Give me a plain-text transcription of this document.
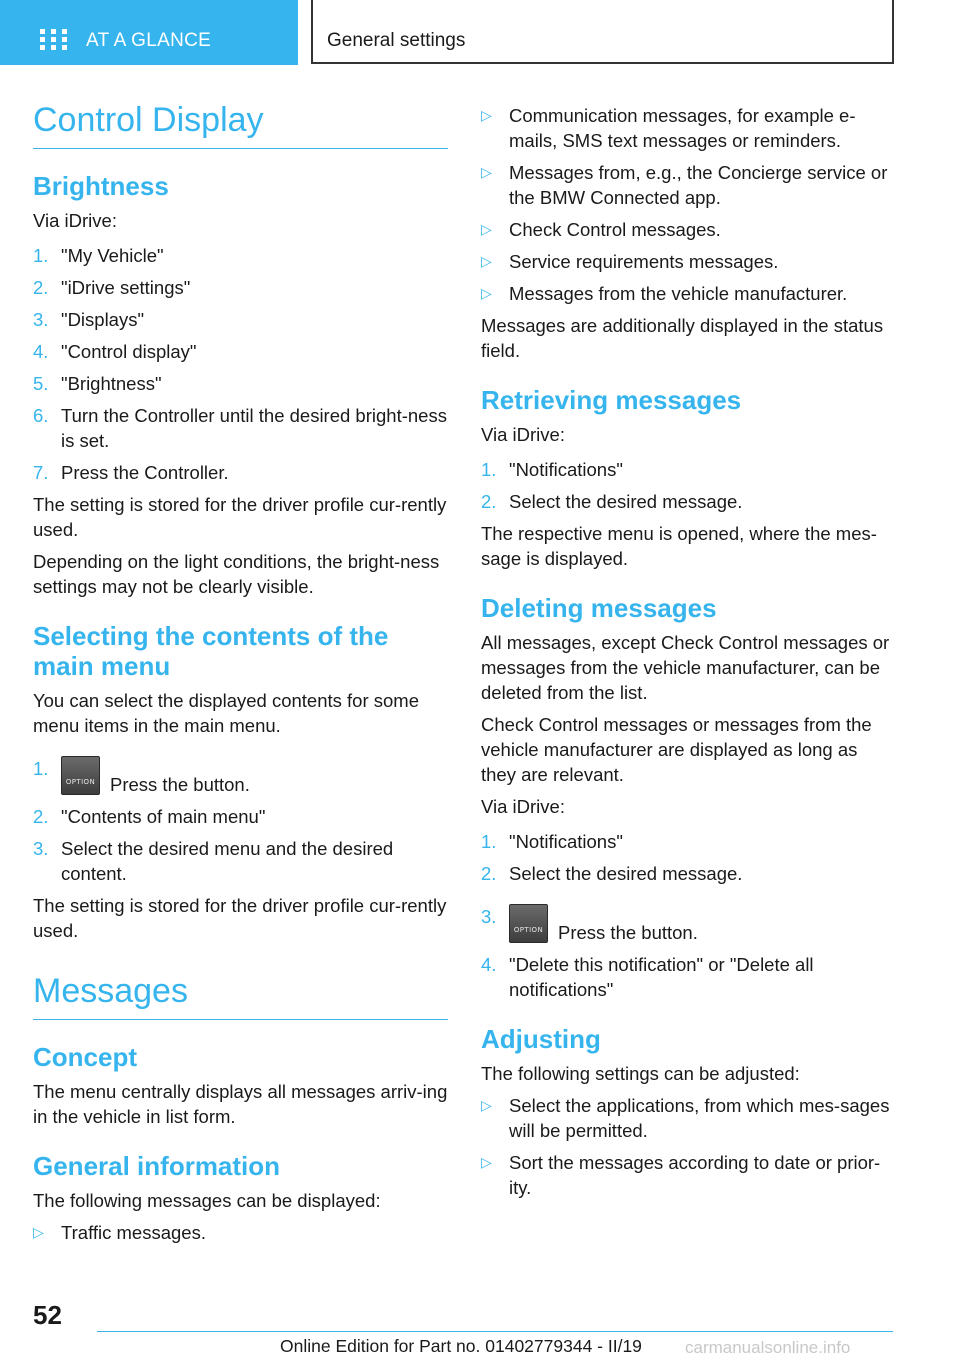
AT A GLANCE	General settings
Control Display
Brightness

Via iDrive:

1. "My Vehicle"
2. "iDrive settings"
3. "Displays"
4. "Control display"
5. "Brightness"
6. Turn the Controller until the desired bright-ness is set.
7. Press the Controller.

The setting is stored for the driver profile cur-rently used.

Depending on the light conditions, the bright-ness settings may not be clearly visible.

Selecting the contents of the main menu

You can select the displayed contents for some menu items in the main menu.

1.
OPTION Press the button.
2. "Contents of main menu"
3. Select the desired menu and the desired content.

The setting is stored for the driver profile cur-rently used.

Messages
Concept

The menu centrally displays all messages arriv-ing in the vehicle in list form.

General information

The following messages can be displayed:

▷ Traffic messages.
▷ Communication messages, for example e-mails, SMS text messages or reminders.
▷ Messages from, e.g., the Concierge service or the BMW Connected app.
▷ Check Control messages.
▷ Service requirements messages.
▷ Messages from the vehicle manufacturer.

Messages are additionally displayed in the status field.

Retrieving messages

Via iDrive:

1. "Notifications"
2. Select the desired message.

The respective menu is opened, where the mes-sage is displayed.

Deleting messages

All messages, except Check Control messages or messages from the vehicle manufacturer, can be deleted from the list.

Check Control messages or messages from the vehicle manufacturer are displayed as long as they are relevant.

Via iDrive:

1. "Notifications"
2. Select the desired message.
3.
OPTION Press the button.
4. "Delete this notification" or "Delete all notifications"
Adjusting

The following settings can be adjusted:

▷ Select the applications, from which mes-sages will be permitted.
▷ Sort the messages according to date or prior-ity.
52
Online Edition for Part no. 01402779344 - II/19	carmanualsonline.info
